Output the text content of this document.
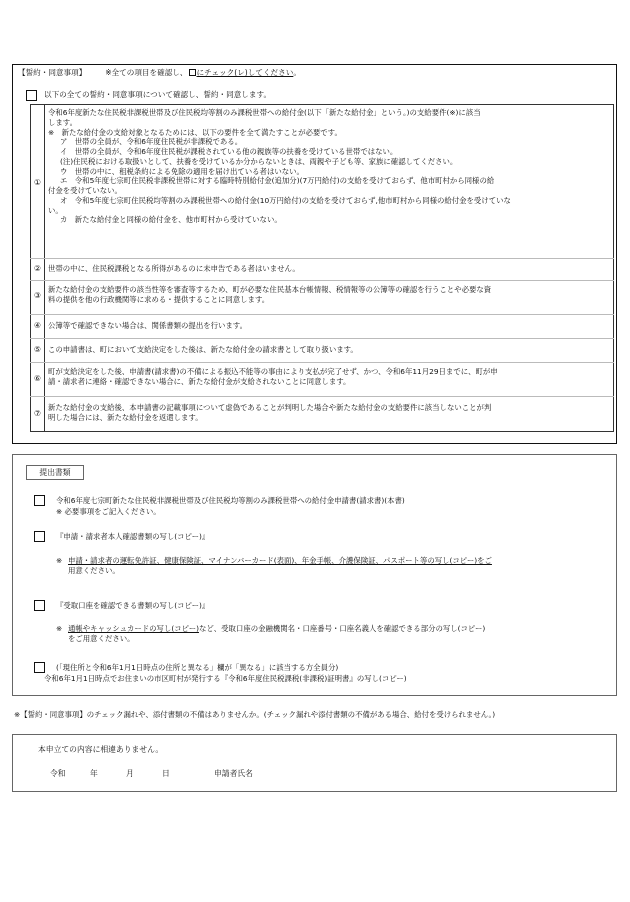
【誓約・同意事項】 ※全ての項目を確認し、 にチェック(レ)してください。
以下の全ての誓約・同意事項について確認し、誓約・同意します。
①
令和6年度新たな住民税非課税世帯及び住民税均等割のみ課税世帯への給付金(以下「新たな給付金」という。)の支給要件(※)に該当
します。
※　新たな給付金の支給対象となるためには、以下の要件を全て満たすことが必要です。
ア　世帯の全員が、令和6年度住民税が非課税である。
イ　世帯の全員が、令和6年度住民税が課税されている他の親族等の扶養を受けている世帯ではない。
(注)住民税における取扱いとして、扶養を受けているか分からないときは、両親や子ども等、家族に確認してください。
ウ　世帯の中に、租税条約による免除の適用を届け出ている者はいない。
エ　令和5年度七宗町住民税非課税世帯に対する臨時特別給付金(追加分)(7万円給付)の支給を受けておらず、他市町村から同様の給
付金を受けていない。
オ　令和5年度七宗町住民税均等割のみ課税世帯への給付金(10万円給付)の支給を受けておらず,他市町村から同様の給付金を受けていな
い。
カ　新たな給付金と同様の給付金を、他市町村から受けていない。
② 世帯の中に、住民税課税となる所得があるのに未申告である者はいません。
③
新たな給付金の支給要件の該当性等を審査等するため、町が必要な住民基本台帳情報、税情報等の公簿等の確認を行うことや必要な資
料の提供を他の行政機関等に求める・提供することに同意します。
④ 公簿等で確認できない場合は、関係書類の提出を行います。
⑤ この申請書は、町において支給決定をした後は、新たな給付金の請求書として取り扱います。
⑥
町が支給決定をした後、申請書(請求書)の不備による振込不能等の事由により支払が完了せず、かつ、令和6年11月29日までに、町が申
請・請求者に連絡・確認できない場合に、新たな給付金が支給されないことに同意します。
⑦
新たな給付金の支給後、本申請書の記載事項について虚偽であることが判明した場合や新たな給付金の支給要件に該当しないことが判
明した場合には、新たな給付金を返還します。
提出書類
令和6年度七宗町新たな住民税非課税世帯及び住民税均等割のみ課税世帯への給付金申請書(請求書)(本書)
※ 必要事項をご記入ください。
『申請・請求者本人確認書類の写し(コピー)』
※ 申請・請求者の運転免許証、健康保険証、マイナンバーカード(表面)、年金手帳、介護保険証、パスポート等の写し(コピー)をご
用意ください。
『受取口座を確認できる書類の写し(コピー)』
※ 通帳やキャッシュカードの写し(コピー)など、受取口座の金融機関名・口座番号・口座名義人を確認できる部分の写し(コピー)
をご用意ください。
(「現住所と令和6年1月1日時点の住所と異なる」欄が「異なる」に該当する方全員分)
令和6年1月1日時点でお住まいの市区町村が発行する『令和6年度住民税課税(非課税)証明書』の写し(コピー)
※【誓約・同意事項】のチェック漏れや、添付書類の不備はありませんか。(チェック漏れや添付書類の不備がある場合、給付を受けられません。)
本申立ての内容に相違ありません。
令和	年	月	日	申請者氏名
